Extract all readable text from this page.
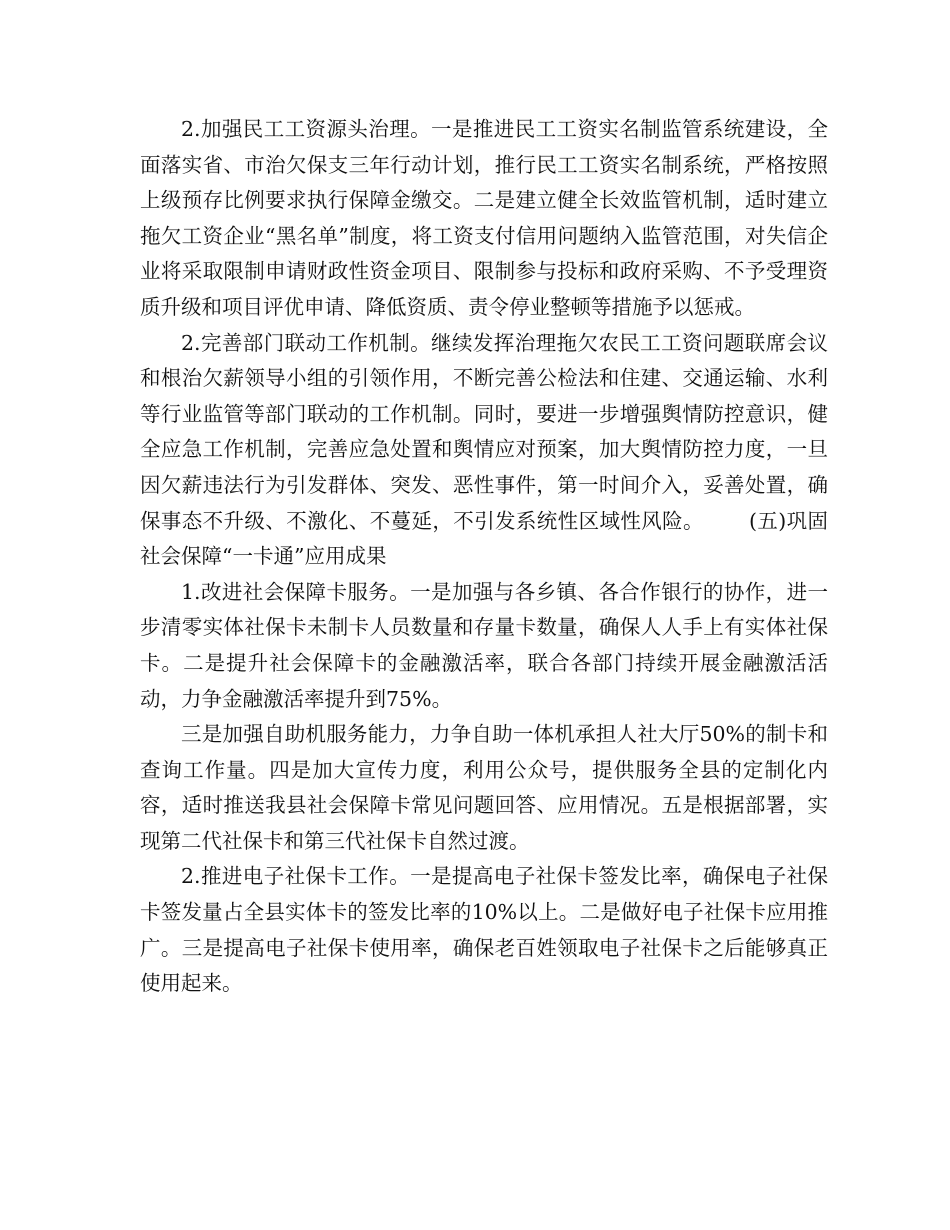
2.加强民工工资源头治理。一是推进民工工资实名制监管系统建设，全面落实省、市治欠保支三年行动计划，推行民工工资实名制系统，严格按照上级预存比例要求执行保障金缴交。二是建立健全长效监管机制，适时建立拖欠工资企业“黑名单”制度，将工资支付信用问题纳入监管范围，对失信企业将采取限制申请财政性资金项目、限制参与投标和政府采购、不予受理资质升级和项目评优申请、降低资质、责令停业整顿等措施予以惩戒。

2.完善部门联动工作机制。继续发挥治理拖欠农民工工资问题联席会议和根治欠薪领导小组的引领作用，不断完善公检法和住建、交通运输、水利等行业监管等部门联动的工作机制。同时，要进一步增强舆情防控意识，健全应急工作机制，完善应急处置和舆情应对预案，加大舆情防控力度，一旦因欠薪违法行为引发群体、突发、恶性事件，第一时间介入，妥善处置，确保事态不升级、不激化、不蔓延，不引发系统性区域性风险。 (五)巩固社会保障“一卡通”应用成果

1.改进社会保障卡服务。一是加强与各乡镇、各合作银行的协作，进一步清零实体社保卡未制卡人员数量和存量卡数量，确保人人手上有实体社保卡。二是提升社会保障卡的金融激活率，联合各部门持续开展金融激活活动，力争金融激活率提升到75%。

三是加强自助机服务能力，力争自助一体机承担人社大厅50%的制卡和查询工作量。四是加大宣传力度，利用公众号，提供服务全县的定制化内容，适时推送我县社会保障卡常见问题回答、应用情况。五是根据部署，实现第二代社保卡和第三代社保卡自然过渡。

2.推进电子社保卡工作。一是提高电子社保卡签发比率，确保电子社保卡签发量占全县实体卡的签发比率的10%以上。二是做好电子社保卡应用推广。三是提高电子社保卡使用率，确保老百姓领取电子社保卡之后能够真正使用起来。
